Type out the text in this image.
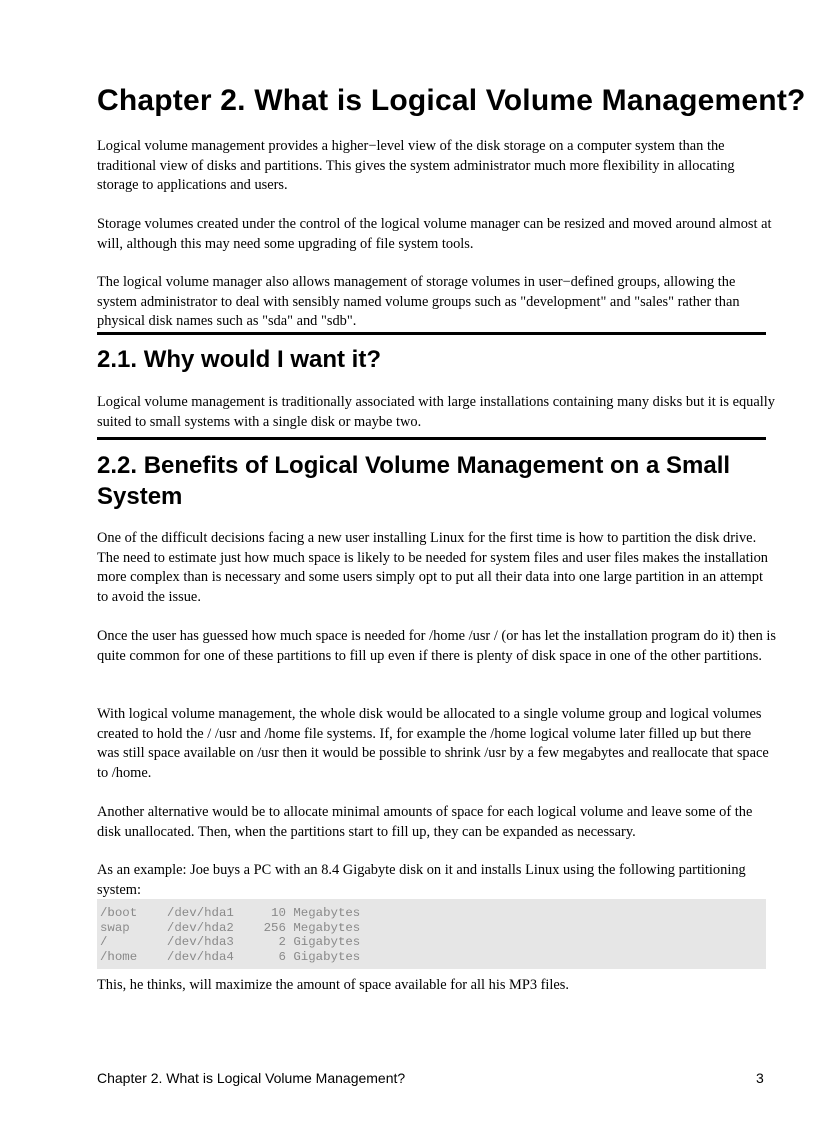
Chapter 2. What is Logical Volume Management?

Logical volume management provides a higher−level view of the disk storage on a computer system than the traditional view of disks and partitions. This gives the system administrator much more flexibility in allocating storage to applications and users.

Storage volumes created under the control of the logical volume manager can be resized and moved around almost at will, although this may need some upgrading of file system tools.

The logical volume manager also allows management of storage volumes in user−defined groups, allowing the system administrator to deal with sensibly named volume groups such as "development" and "sales" rather than physical disk names such as "sda" and "sdb".

2.1. Why would I want it?

Logical volume management is traditionally associated with large installations containing many disks but it is equally suited to small systems with a single disk or maybe two.

2.2. Benefits of Logical Volume Management on a Small
System

One of the difficult decisions facing a new user installing Linux for the first time is how to partition the disk drive. The need to estimate just how much space is likely to be needed for system files and user files makes the installation more complex than is necessary and some users simply opt to put all their data into one large partition in an attempt to avoid the issue.

Once the user has guessed how much space is needed for /home /usr / (or has let the installation program do it) then is quite common for one of these partitions to fill up even if there is plenty of disk space in one of the other partitions.

With logical volume management, the whole disk would be allocated to a single volume group and logical volumes created to hold the / /usr and /home file systems. If, for example the /home logical volume later filled up but there was still space available on /usr then it would be possible to shrink /usr by a few megabytes and reallocate that space to /home.

Another alternative would be to allocate minimal amounts of space for each logical volume and leave some of the disk unallocated. Then, when the partitions start to fill up, they can be expanded as necessary.

As an example: Joe buys a PC with an 8.4 Gigabyte disk on it and installs Linux using the following partitioning system:

/boot    /dev/hda1     10 Megabytes
swap     /dev/hda2    256 Megabytes
/        /dev/hda3      2 Gigabytes
/home    /dev/hda4      6 Gigabytes

This, he thinks, will maximize the amount of space available for all his MP3 files.

Chapter 2. What is Logical Volume Management?	3
